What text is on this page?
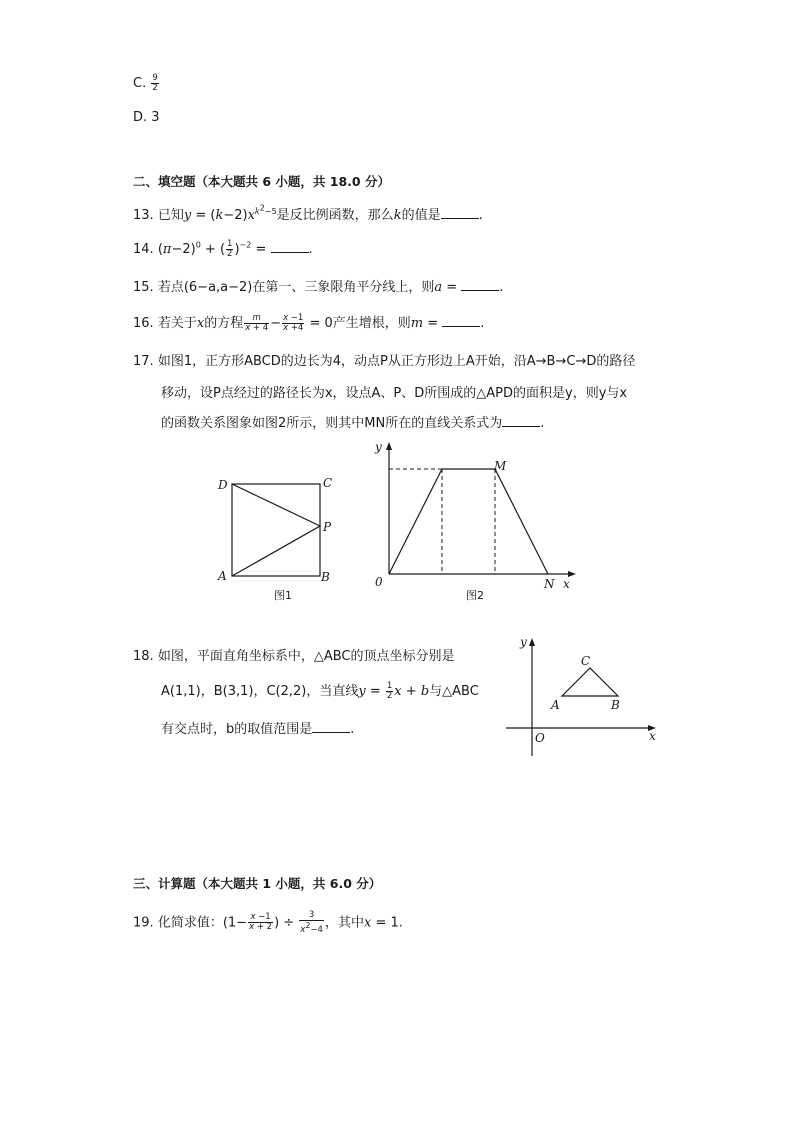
C. $\frac{9}{2}$
D. 3
二、填空题（本大题共 6 小题，共 18.0 分）
13. 已知$y = (k-2)x^{k^2-5}$是反比例函数，那么k的值是	.
14. $(\pi-2)^0$ + ( $\frac{1}{2} )^{-2}$ =	.
15. 若点(6−a,a−2)在第一、三象限角平分线上，则a =	.
16. 若关于x的方程 $\frac{m}{x + 4} - \frac{x -1}{x +4} = 0$产生增根，则m =	.
17. 如图1，正方形ABCD的边长为4，动点P从正方形边上A开始，沿A→B→C→D的路径
移动，设P点经过的路径长为x，设点A、P、D所围成的△APD的面积是y，则y与x
的函数关系图象如图2所示，则其中MN所在的直线关系式为	.
D	C
P
A	B
图1
y
M
0	N x
图2
18. 如图，平面直角坐标系中，△ABC的顶点坐标分别是
A(1,1)，B(3,1)，C(2,2)，当直线$y = \frac{1}{2}$ x + b与△ABC
有交点时，b的取值范围是	.
y
C
A	B
O	x
三、计算题（本大题共 1 小题，共 6.0 分）
19. 化简求值：($1- \frac{x -1}{x + 2}$ ) ÷ $\frac{3}{x^2-4}$ ，其中x = 1.
